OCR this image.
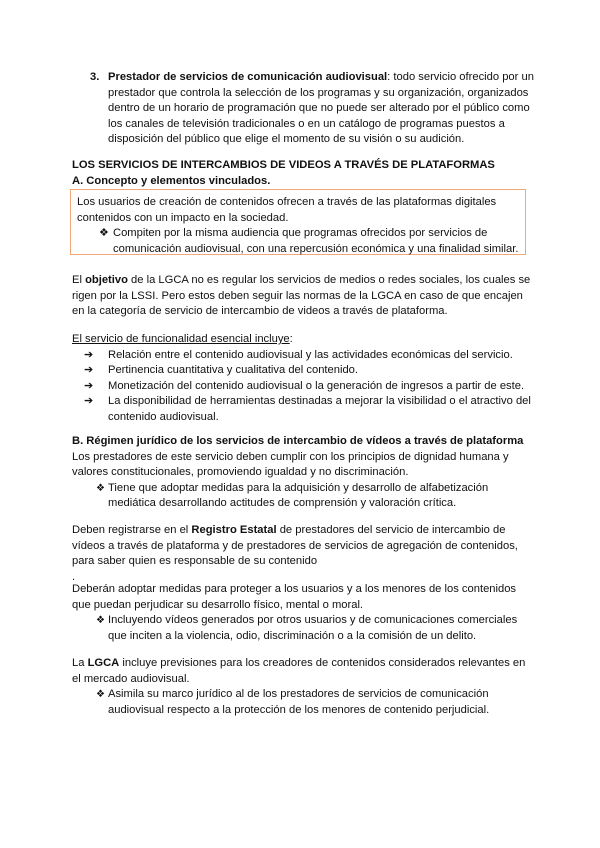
3. Prestador de servicios de comunicación audiovisual: todo servicio ofrecido por un prestador que controla la selección de los programas y su organización, organizados dentro de un horario de programación que no puede ser alterado por el público como los canales de televisión tradicionales o en un catálogo de programas puestos a disposición del público que elige el momento de su visión o su audición.

LOS SERVICIOS DE INTERCAMBIOS DE VIDEOS A TRAVÉS DE PLATAFORMAS
A. Concepto y elementos vinculados.

Los usuarios de creación de contenidos ofrecen a través de las plataformas digitales contenidos con un impacto en la sociedad.

❖ Compiten por la misma audiencia que programas ofrecidos por servicios de comunicación audiovisual, con una repercusión económica y una finalidad similar.

El objetivo de la LGCA no es regular los servicios de medios o redes sociales, los cuales se rigen por la LSSI. Pero estos deben seguir las normas de la LGCA en caso de que encajen en la categoría de servicio de intercambio de videos a través de plataforma.

El servicio de funcionalidad esencial incluye:

➔ Relación entre el contenido audiovisual y las actividades económicas del servicio.
➔ Pertinencia cuantitativa y cualitativa del contenido.
➔ Monetización del contenido audiovisual o la generación de ingresos a partir de este.
➔ La disponibilidad de herramientas destinadas a mejorar la visibilidad o el atractivo del contenido audiovisual.

B. Régimen jurídico de los servicios de intercambio de vídeos a través de plataforma

Los prestadores de este servicio deben cumplir con los principios de dignidad humana y valores constitucionales, promoviendo igualdad y no discriminación.

❖ Tiene que adoptar medidas para la adquisición y desarrollo de alfabetización mediática desarrollando actitudes de comprensión y valoración crítica.

Deben registrarse en el Registro Estatal de prestadores del servicio de intercambio de vídeos a través de plataforma y de prestadores de servicios de agregación de contenidos, para saber quien es responsable de su contenido

.

Deberán adoptar medidas para proteger a los usuarios y a los menores de los contenidos que puedan perjudicar su desarrollo físico, mental o moral.

❖ Incluyendo vídeos generados por otros usuarios y de comunicaciones comerciales que inciten a la violencia, odio, discriminación o a la comisión de un delito.

La LGCA incluye previsiones para los creadores de contenidos considerados relevantes en el mercado audiovisual.

❖ Asimila su marco jurídico al de los prestadores de servicios de comunicación audiovisual respecto a la protección de los menores de contenido perjudicial.
